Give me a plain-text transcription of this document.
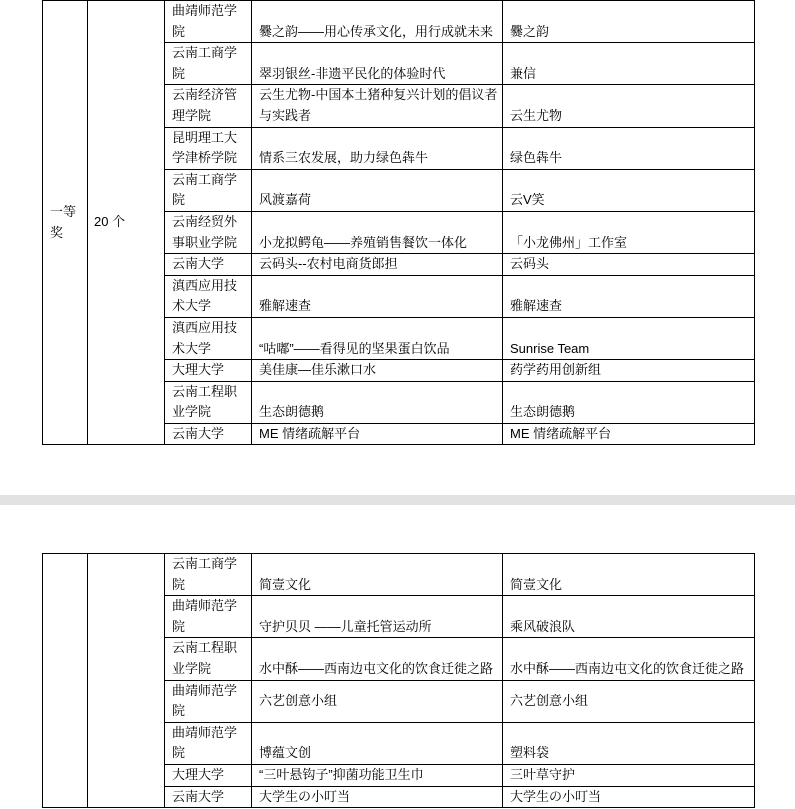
一等奖	20 个	曲靖师范学院	爨之韵——用心传承文化，用行成就未来	爨之韵

		云南工商学院	翠羽银丝-非遗平民化的体验时代	兼信

		云南经济管理学院	云生尤物-中国本土猪种复兴计划的倡议者与实践者	云生尤物

		昆明理工大学津桥学院	情系三农发展，助力绿色犇牛	绿色犇牛

		云南工商学院	风渡嘉荷	云V笑

		云南经贸外事职业学院	小龙拟鳄龟——养殖销售餐饮一体化	「小龙佛州」工作室

		云南大学	云码头--农村电商货郎担	云码头

		滇西应用技术大学	雅解速查	雅解速查

		滇西应用技术大学	“咕嘟”——看得见的坚果蛋白饮品	Sunrise Team

		大理大学	美佳康—佳乐漱口水	药学药用创新组

		云南工程职业学院	生态朗德鹅	生态朗德鹅

		云南大学	ME 情绪疏解平台	ME 情绪疏解平台

		云南工商学院	简壹文化	简壹文化

		曲靖师范学院	守护贝贝 ——儿童托管运动所	乘风破浪队

		云南工程职业学院	水中酥——西南边屯文化的饮食迁徙之路	水中酥——西南边屯文化的饮食迁徙之路

		曲靖师范学院	六艺创意小组	六艺创意小组

		曲靖师范学院	博蕴文创	塑料袋

		大理大学	“三叶悬钩子”抑菌功能卫生巾	三叶草守护

		云南大学	大学生の小叮当	大学生の小叮当
